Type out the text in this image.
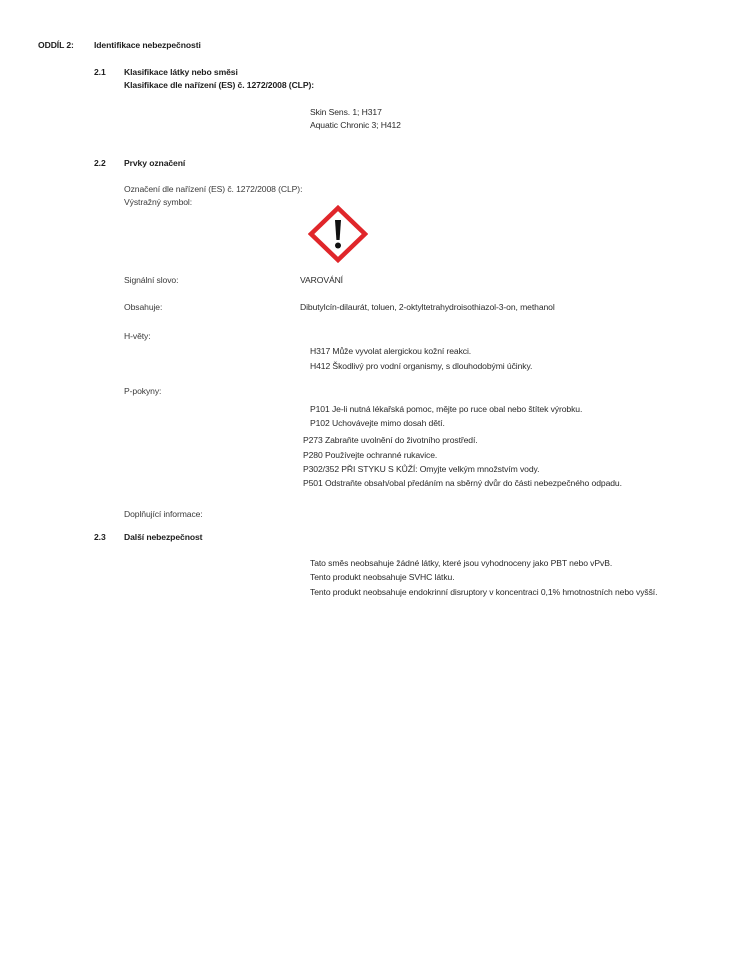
ODDÍL 2: Identifikace nebezpečnosti
2.1 Klasifikace látky nebo směsi
Klasifikace dle nařízení (ES) č. 1272/2008 (CLP):
Skin Sens. 1; H317
Aquatic Chronic 3; H412
2.2 Prvky označení
Označení dle nařízení (ES) č. 1272/2008 (CLP):
Výstražný symbol:
Signální slovo:	VAROVÁNÍ
Obsahuje:	Dibutylcín-dilaurát, toluen, 2-oktyltetrahydroisothiazol-3-on, methanol
H-věty:
H317 Může vyvolat alergickou kožní reakci.
H412 Škodlivý pro vodní organismy, s dlouhodobými účinky.
P-pokyny:
P101 Je-li nutná lékařská pomoc, mějte po ruce obal nebo štítek výrobku.
P102 Uchovávejte mimo dosah dětí.
P273 Zabraňte uvolnění do životního prostředí.
P280 Používejte ochranné rukavice.
P302/352 PŘI STYKU S KŮŽÍ: Omyjte velkým množstvím vody.
P501 Odstraňte obsah/obal předáním na sběrný dvůr do části nebezpečného odpadu.
Doplňující informace:
2.3 Další nebezpečnost
Tato směs neobsahuje žádné látky, které jsou vyhodnoceny jako PBT nebo vPvB.
Tento produkt neobsahuje SVHC látku.
Tento produkt neobsahuje endokrinní disruptory v koncentraci 0,1% hmotnostních nebo vyšší.
